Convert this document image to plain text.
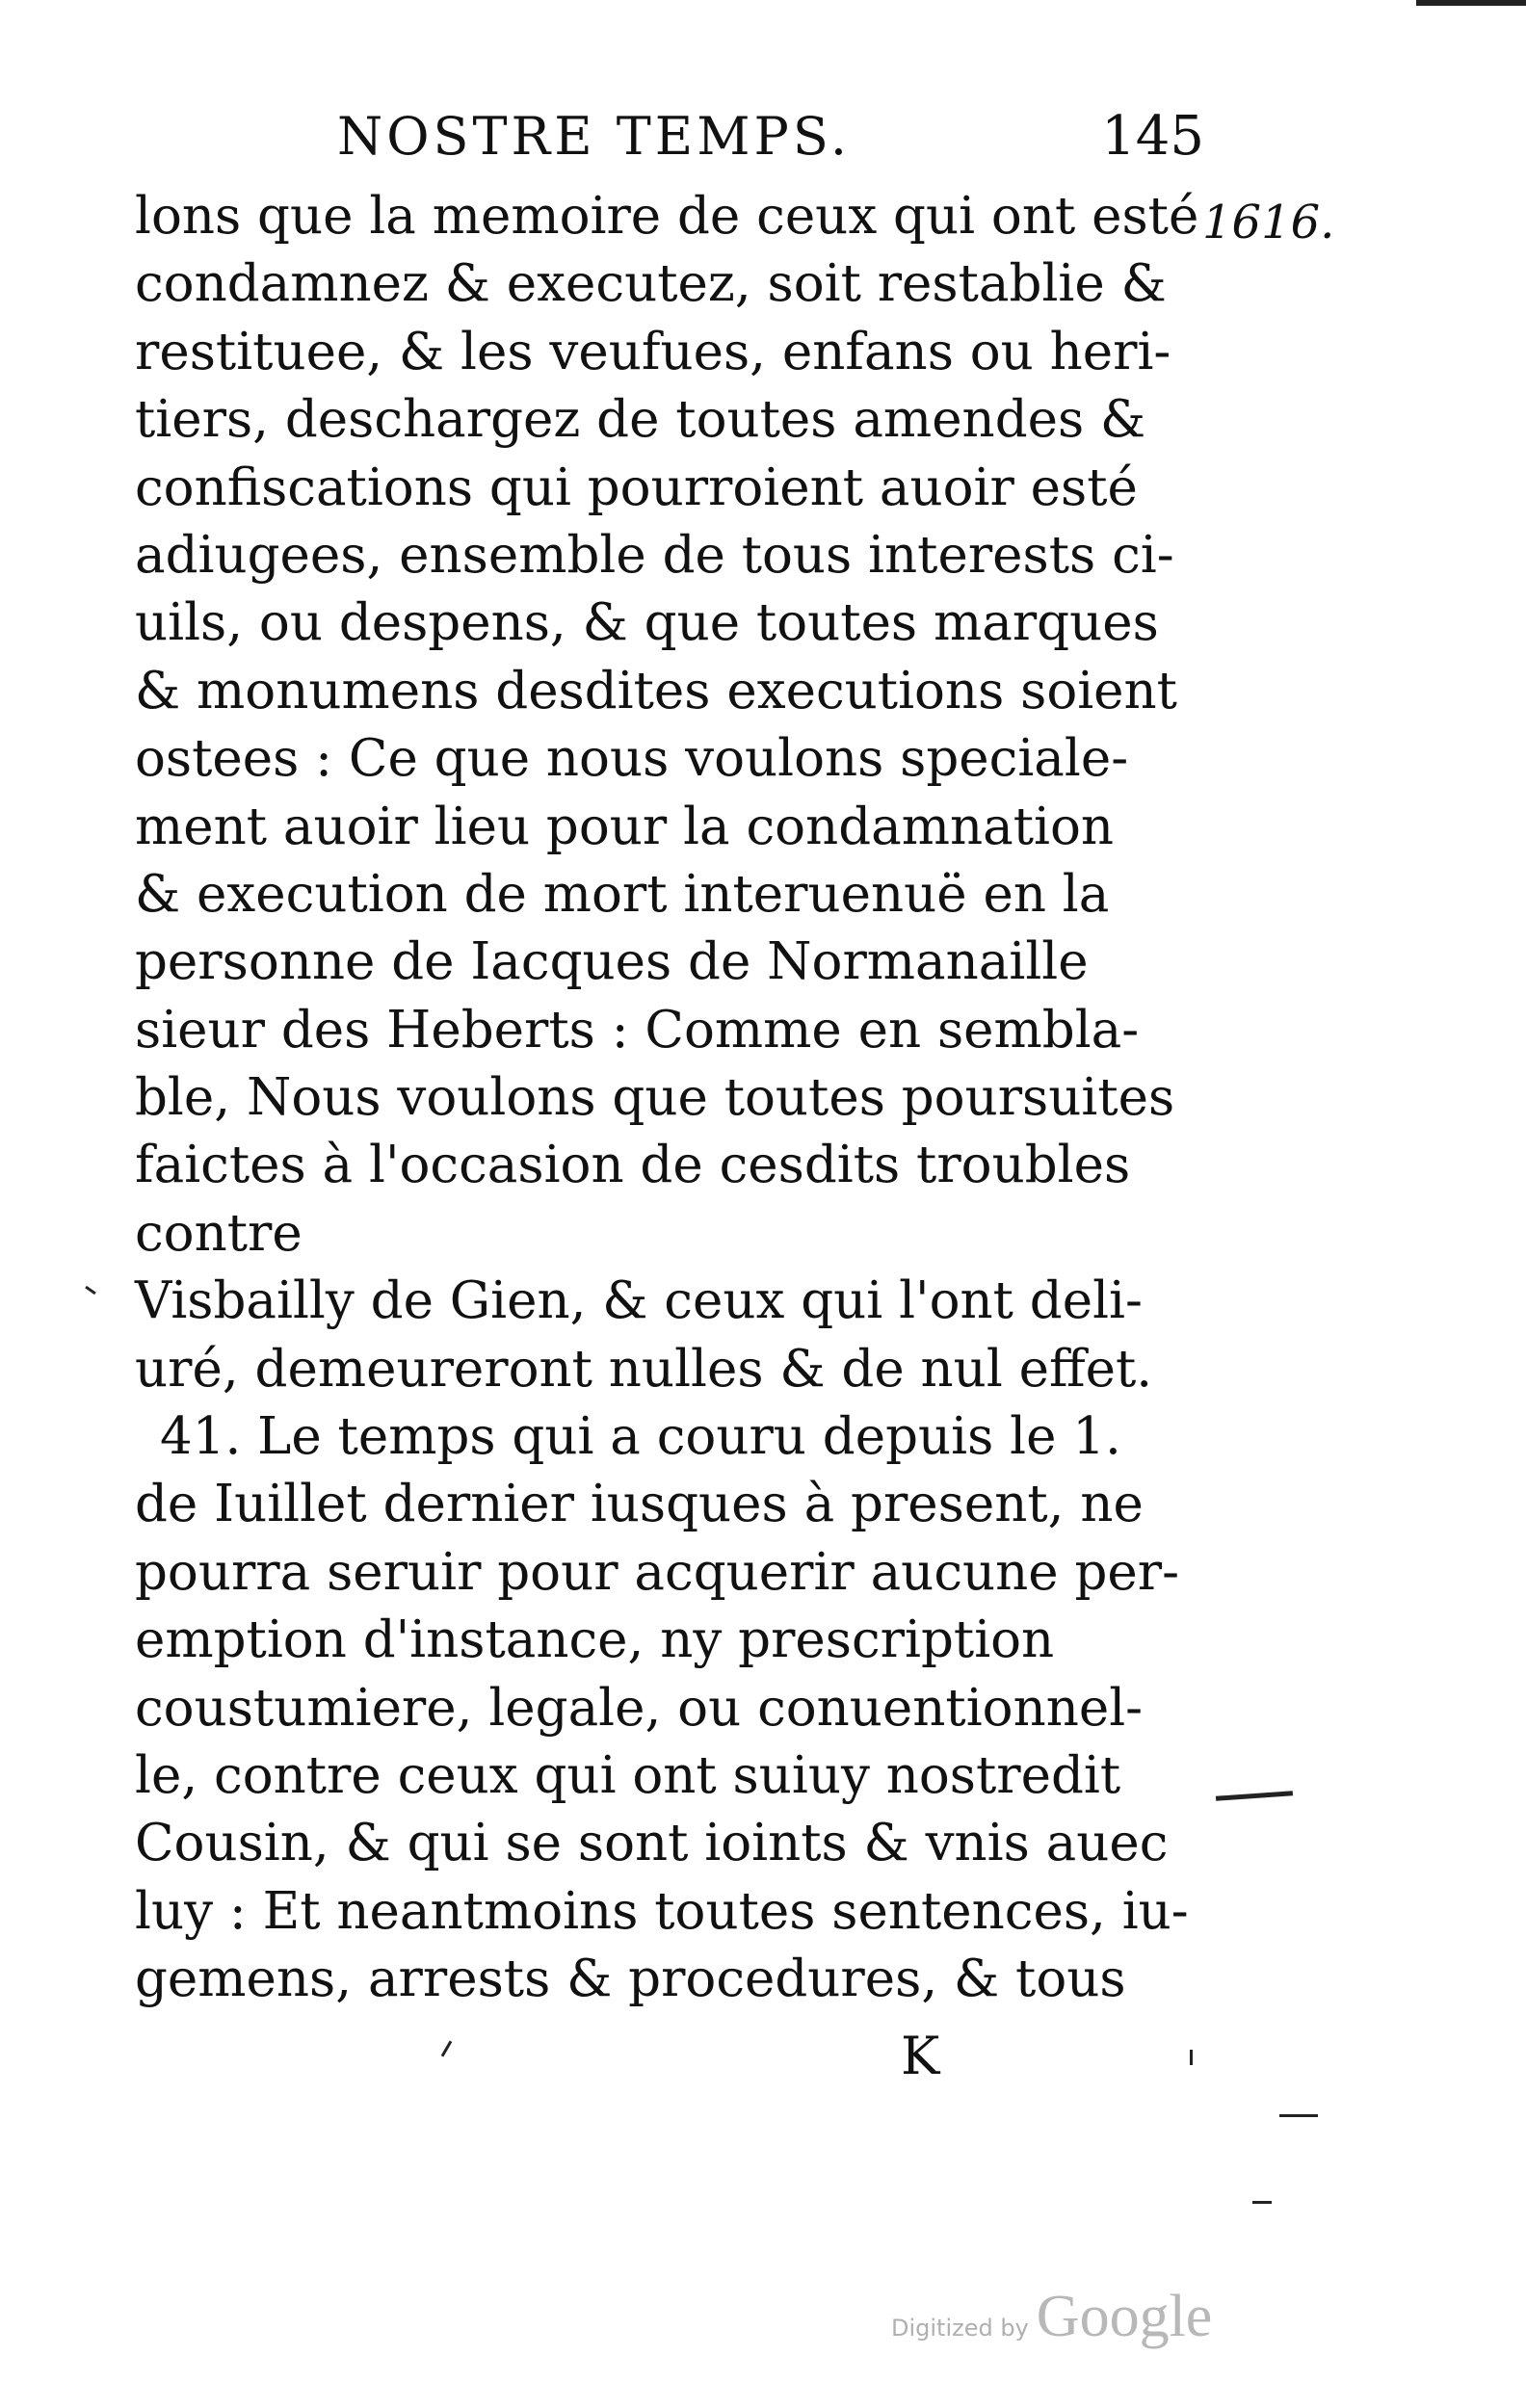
NOSTRE TEMPS.	145
1616.
lons que la memoire de ceux qui ont esté
condamnez & executez, soit restablie &
restituee, & les veufues, enfans ou heri-
tiers, deschargez de toutes amendes &
confiscations qui pourroient auoir esté
adiugees, ensemble de tous interests ci-
uils, ou despens, & que toutes marques
& monumens desdites executions soient
ostees : Ce que nous voulons speciale-
ment auoir lieu pour la condamnation
& execution de mort interuenuë en la
personne de Iacques de Normanaille
sieur des Heberts : Comme en sembla-
ble, Nous voulons que toutes poursuites
faictes à l'occasion de cesdits troubles
contre
Visbailly de Gien, & ceux qui l'ont deli-
uré, demeureront nulles & de nul effet.
41. Le temps qui a couru depuis le 1.
de Iuillet dernier iusques à present, ne
pourra seruir pour acquerir aucune per-
emption d'instance, ny prescription
coustumiere, legale, ou conuentionnel-
le, contre ceux qui ont suiuy nostredit
Cousin, & qui se sont ioints & vnis auec
luy : Et neantmoins toutes sentences, iu-
gemens, arrests & procedures, & tous
K
Digitized by Google
